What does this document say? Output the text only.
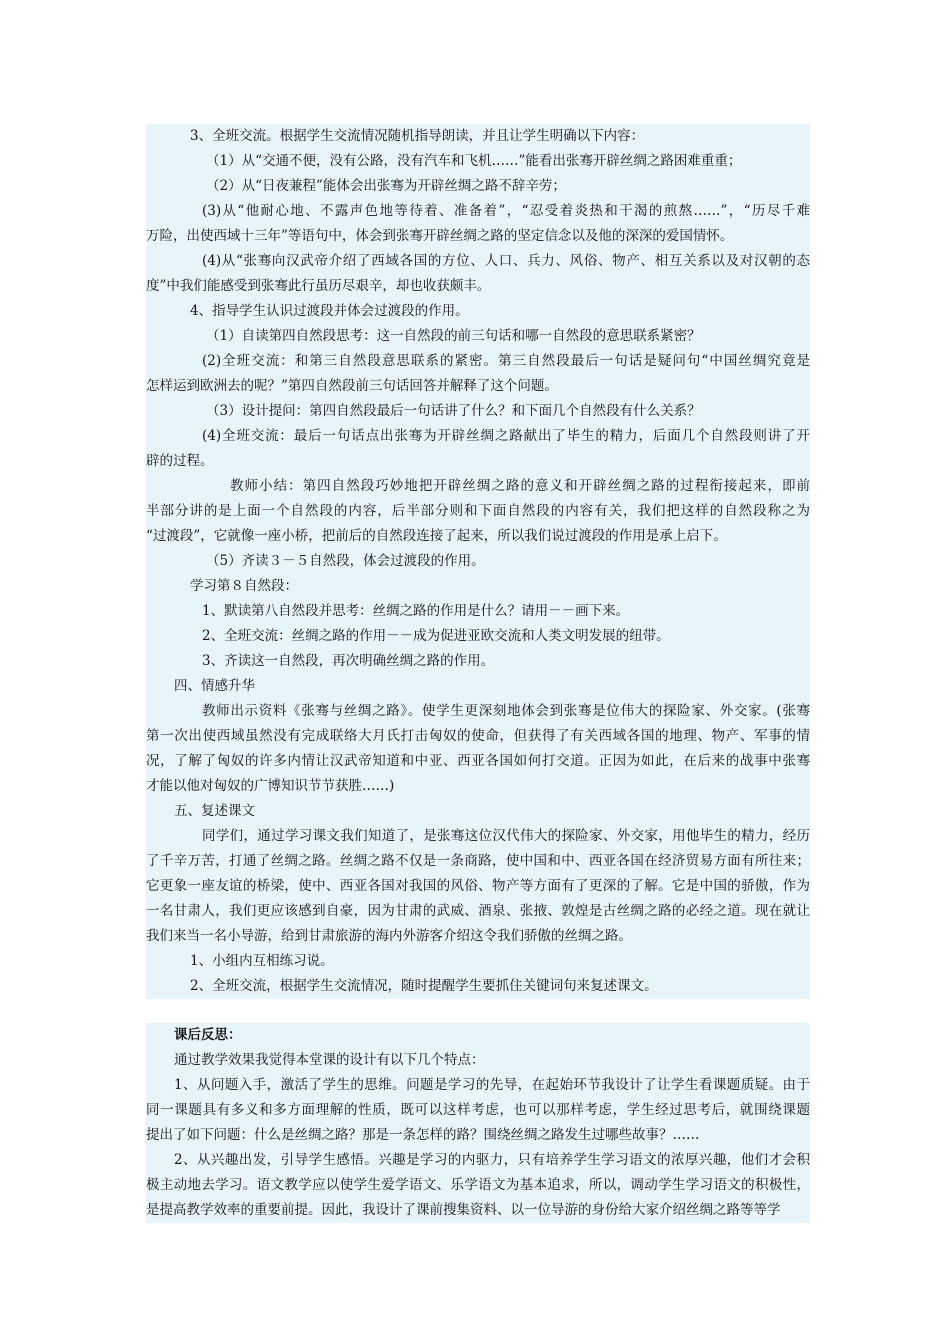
3、全班交流。根据学生交流情况随机指导朗读，并且让学生明确以下内容：
（1）从“交通不便，没有公路，没有汽车和飞机……”能看出张骞开辟丝绸之路困难重重；
（2）从“日夜兼程”能体会出张骞为开辟丝绸之路不辞辛劳；
(3)从“他耐心地、不露声色地等待着、准备着”，“忍受着炎热和干渴的煎熬……”，“历尽千难
万险，出使西域十三年”等语句中，体会到张骞开辟丝绸之路的坚定信念以及他的深深的爱国情怀。
(4)从“张骞向汉武帝介绍了西域各国的方位、人口、兵力、风俗、物产、相互关系以及对汉朝的态
度”中我们能感受到张骞此行虽历尽艰辛，却也收获颇丰。
4、指导学生认识过渡段并体会过渡段的作用。
（1）自读第四自然段思考：这一自然段的前三句话和哪一自然段的意思联系紧密？
(2)全班交流：和第三自然段意思联系的紧密。第三自然段最后一句话是疑问句“中国丝绸究竟是
怎样运到欧洲去的呢？”第四自然段前三句话回答并解释了这个问题。
（3）设计提问：第四自然段最后一句话讲了什么？和下面几个自然段有什么关系？
(4)全班交流：最后一句话点出张骞为开辟丝绸之路献出了毕生的精力，后面几个自然段则讲了开
辟的过程。
教师小结：第四自然段巧妙地把开辟丝绸之路的意义和开辟丝绸之路的过程衔接起来，即前
半部分讲的是上面一个自然段的内容，后半部分则和下面自然段的内容有关，我们把这样的自然段称之为
“过渡段”，它就像一座小桥，把前后的自然段连接了起来，所以我们说过渡段的作用是承上启下。
（5）齐读３－５自然段，体会过渡段的作用。
学习第８自然段：
1、默读第八自然段并思考：丝绸之路的作用是什么？请用－－画下来。
2、全班交流：丝绸之路的作用－－成为促进亚欧交流和人类文明发展的纽带。
3、齐读这一自然段，再次明确丝绸之路的作用。
四、情感升华
教师出示资料《张骞与丝绸之路》。使学生更深刻地体会到张骞是位伟大的探险家、外交家。(张骞
第一次出使西域虽然没有完成联络大月氏打击匈奴的使命，但获得了有关西域各国的地理、物产、军事的情
况，了解了匈奴的许多内情让汉武帝知道和中亚、西亚各国如何打交道。正因为如此，在后来的战事中张骞
才能以他对匈奴的广博知识节节获胜……)
五、复述课文
同学们，通过学习课文我们知道了，是张骞这位汉代伟大的探险家、外交家，用他毕生的精力，经历
了千辛万苦，打通了丝绸之路。丝绸之路不仅是一条商路，使中国和中、西亚各国在经济贸易方面有所往来；
它更象一座友谊的桥梁，使中、西亚各国对我国的风俗、物产等方面有了更深的了解。它是中国的骄傲，作为
一名甘肃人，我们更应该感到自豪，因为甘肃的武威、酒泉、张掖、敦煌是古丝绸之路的必经之道。现在就让
我们来当一名小导游，给到甘肃旅游的海内外游客介绍这令我们骄傲的丝绸之路。
1、小组内互相练习说。
2、全班交流，根据学生交流情况，随时提醒学生要抓住关键词句来复述课文。
课后反思：
通过教学效果我觉得本堂课的设计有以下几个特点：
1、从问题入手，激活了学生的思维。问题是学习的先导，在起始环节我设计了让学生看课题质疑。由于
同一课题具有多义和多方面理解的性质，既可以这样考虑，也可以那样考虑，学生经过思考后，就围绕课题
提出了如下问题：什么是丝绸之路？那是一条怎样的路？围绕丝绸之路发生过哪些故事？……
2、从兴趣出发，引导学生感悟。兴趣是学习的内驱力，只有培养学生学习语文的浓厚兴趣，他们才会积
极主动地去学习。语文教学应以使学生爱学语文、乐学语文为基本追求，所以，调动学生学习语文的积极性，
是提高教学效率的重要前提。因此，我设计了课前搜集资料、以一位导游的身份给大家介绍丝绸之路等等学
